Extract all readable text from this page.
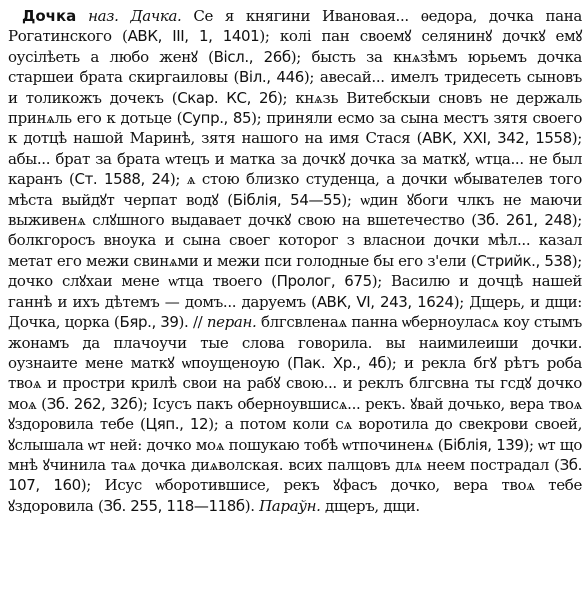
Дочка наз. Дачка. Се я княгини Ивановая... ѳедора, дочка пана Рогатинского (АВК, III, 1, 1401); колі пан своемꙋ селянинꙋ дочкꙋ емꙋ оусілѣеть а любо женꙋ (Вісл., 26б); бысть за кнѧзѣмъ юрьемъ дочка старшеи брата скиргаиловы (Віл., 446); авесай... имелъ тридесеть сыновъ и толикожъ дочекъ (Скар. КС, 2б); кнѧзь Витебскыи сновъ не держаль принѧль его к дотьце (Супр., 85); приняли есмо за сына местъ зятя своего к дотцѣ нашой Маринѣ, зятя нашого на имя Стася (АВК, XXI, 342, 1558); абы... брат за брата ѡтецъ и матка за дочкꙋ дочка за маткꙋ, ѡтца... не был каранъ (Ст. 1588, 24); ѧ стою близко студенца, а дочки ѡбывателев того мѣста выйдꙋт черпат водꙋ (Біблія, 54—55); ѡдин ꙋбоги члкъ не маючи выживенѧ слꙋшного выдавает дочкꙋ свою на вшетечество (Зб. 261, 248); болкгоросъ вноука и сына своег которог з власнои дочки мѣл... казал метат его межи свинѧми и межи пси голодные бы его з'ели (Стрийк., 538); дочко слꙋхаи мене ѡтца твоего (Пролог, 675); Василю и дочцѣ нашей ганнѣ и ихъ дѣтемъ — домъ... даруемъ (АВК, VI, 243, 1624); Дщерь, и дщи: Дочка, цорка (Бяр., 39). // перан. блгсвленаѧ панна ѡберноуласѧ коу стымъ жонамъ да плачоучи тые слова говорила. вы наимилеиши дочки. оузнаите мене маткꙋ ѡпоущеноую (Пак. Хр., 4б); и рекла бгꙋ рѣтъ роба твоѧ и простри крилѣ свои на рабꙋ свою... и реклъ блгсвна ты гсдꙋ дочко моѧ (Зб. 262, 32б); Ісусъ пакъ оберноувшисѧ... рекъ. ꙋвай дочько, вера твоѧ ꙋздоровила тебе (Цяп., 12); а потом коли сѧ воротила до свекрови своей, ꙋслышала ѡт ней: дочко моѧ пошукаю тобѣ ѡтпочиненѧ (Біблія, 139); ѡт що мнѣ ꙋчинила таѧ дочка диѧволская. всих палцовъ длѧ неем пострадал (Зб. 107, 160); Исус ѡборотившисе, рекъ ꙋфасъ дочко, вера твоѧ тебе ꙋздоровила (Зб. 255, 118—118б). Параўн. дщеръ, дщи.
